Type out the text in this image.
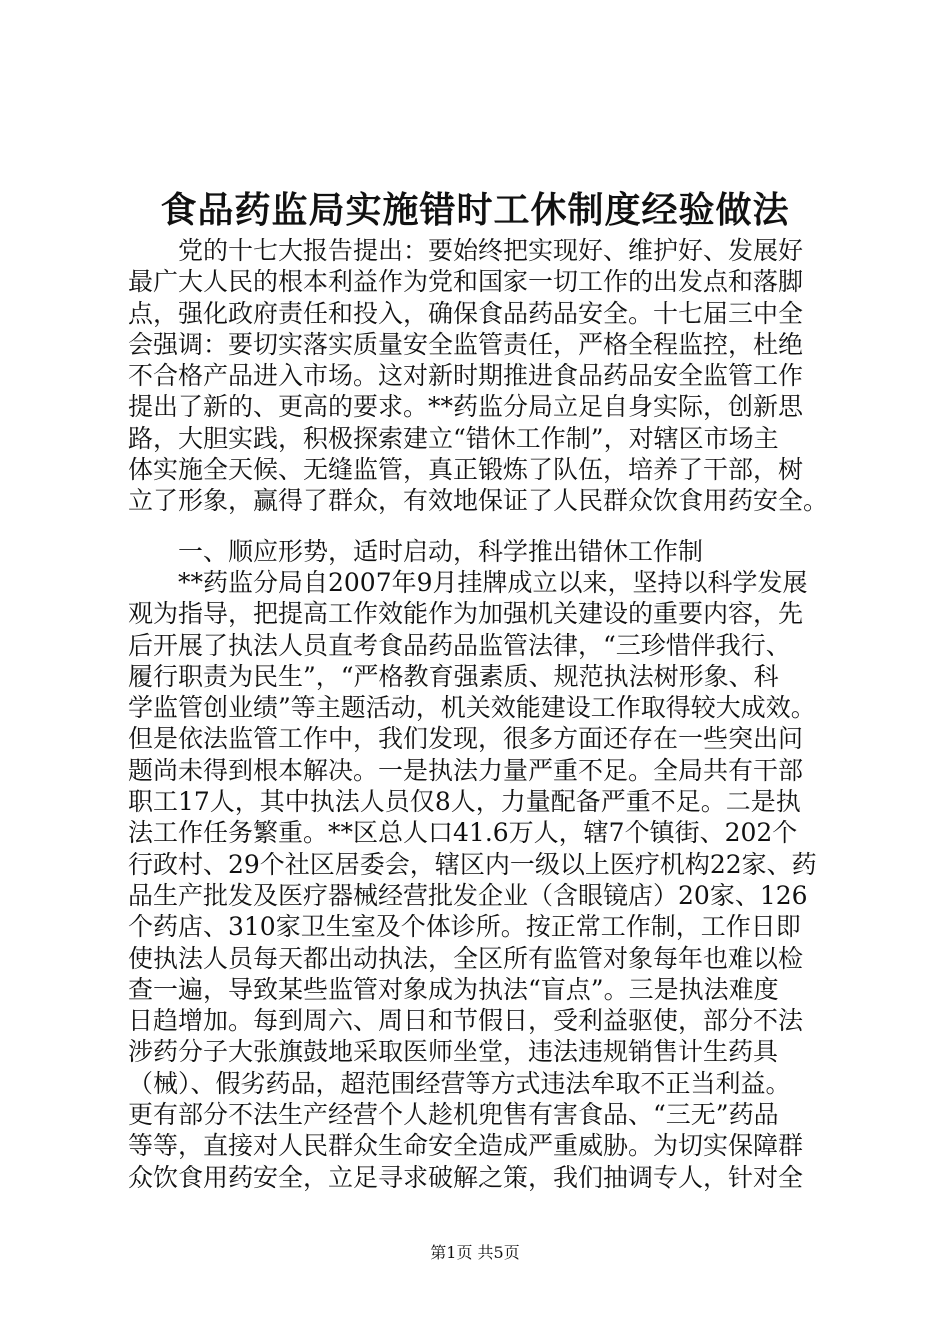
食品药监局实施错时工休制度经验做法
党的十七大报告提出：要始终把实现好、维护好、发展好
最广大人民的根本利益作为党和国家一切工作的出发点和落脚
点，强化政府责任和投入，确保食品药品安全。十七届三中全
会强调：要切实落实质量安全监管责任，严格全程监控，杜绝
不合格产品进入市场。这对新时期推进食品药品安全监管工作
提出了新的、更高的要求。**药监分局立足自身实际，创新思
路，大胆实践，积极探索建立“错休工作制”，对辖区市场主
体实施全天候、无缝监管，真正锻炼了队伍，培养了干部，树
立了形象，赢得了群众，有效地保证了人民群众饮食用药安全。
一、顺应形势，适时启动，科学推出错休工作制
**药监分局自2007年9月挂牌成立以来，坚持以科学发展
观为指导，把提高工作效能作为加强机关建设的重要内容，先
后开展了执法人员直考食品药品监管法律，“三珍惜伴我行、
履行职责为民生”，“严格教育强素质、规范执法树形象、科
学监管创业绩”等主题活动，机关效能建设工作取得较大成效。
但是依法监管工作中，我们发现，很多方面还存在一些突出问
题尚未得到根本解决。一是执法力量严重不足。全局共有干部
职工17人，其中执法人员仅8人，力量配备严重不足。二是执
法工作任务繁重。**区总人口41.6万人，辖7个镇街、202个
行政村、29个社区居委会，辖区内一级以上医疗机构22家、药
品生产批发及医疗器械经营批发企业（含眼镜店）20家、126
个药店、310家卫生室及个体诊所。按正常工作制，工作日即
使执法人员每天都出动执法，全区所有监管对象每年也难以检
查一遍，导致某些监管对象成为执法“盲点”。三是执法难度
日趋增加。每到周六、周日和节假日，受利益驱使，部分不法
涉药分子大张旗鼓地采取医师坐堂，违法违规销售计生药具
（械）、假劣药品，超范围经营等方式违法牟取不正当利益。
更有部分不法生产经营个人趁机兜售有害食品、“三无”药品
等等，直接对人民群众生命安全造成严重威胁。为切实保障群
众饮食用药安全，立足寻求破解之策，我们抽调专人，针对全
第1页 共5页
